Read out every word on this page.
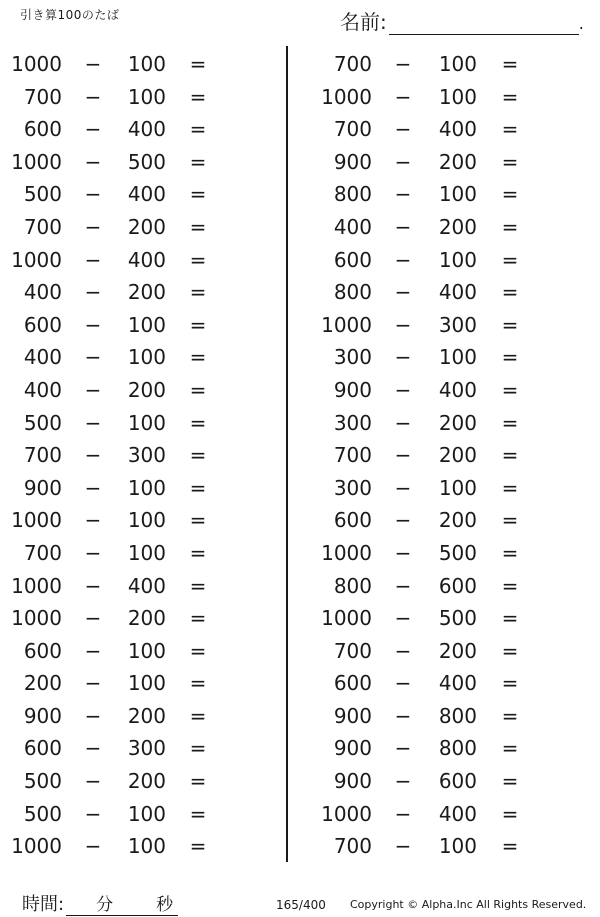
引き算100のたば	名前:	.
1000 −	100 =
700 −	100 =
600 −	400 =
1000 −	500 =
500 −	400 =
700 −	200 =
1000 −	400 =
400 −	200 =
600 −	100 =
400 −	100 =
400 −	200 =
500 −	100 =
700 −	300 =
900 −	100 =
1000 −	100 =
700 −	100 =
1000 −	400 =
1000 −	200 =
600 −	100 =
200 −	100 =
900 −	200 =
600 −	300 =
500 −	200 =
500 −	100 =
1000 −	100 =
700 −	100 =
1000 −	100 =
700 −	400 =
900 −	200 =
800 −	100 =
400 −	200 =
600 −	100 =
800 −	400 =
1000 −	300 =
300 −	100 =
900 −	400 =
300 −	200 =
700 −	200 =
300 −	100 =
600 −	200 =
1000 −	500 =
800 −	600 =
1000 −	500 =
700 −	200 =
600 −	400 =
900 −	800 =
900 −	800 =
900 −	600 =
1000 −	400 =
700 −	100 =
時間: 分	秒	165/400 Copyright © Alpha.Inc All Rights Reserved.
